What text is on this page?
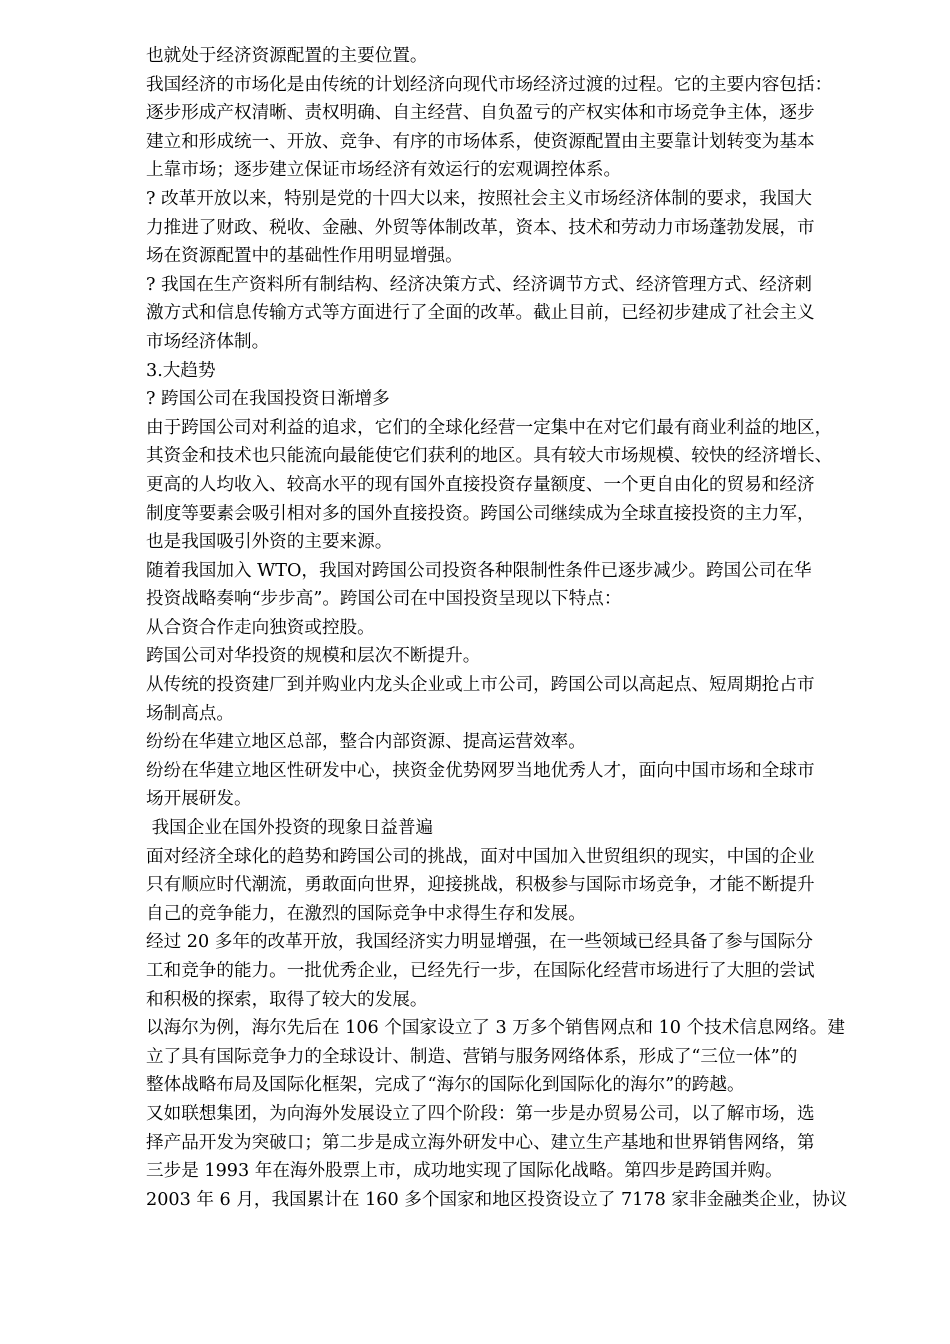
也就处于经济资源配置的主要位置。
我国经济的市场化是由传统的计划经济向现代市场经济过渡的过程。它的主要内容包括：
逐步形成产权清晰、责权明确、自主经营、自负盈亏的产权实体和市场竞争主体，逐步
建立和形成统一、开放、竞争、有序的市场体系，使资源配置由主要靠计划转变为基本
上靠市场；逐步建立保证市场经济有效运行的宏观调控体系。
? 改革开放以来，特别是党的十四大以来，按照社会主义市场经济体制的要求，我国大
力推进了财政、税收、金融、外贸等体制改革，资本、技术和劳动力市场蓬勃发展，市
场在资源配置中的基础性作用明显增强。
? 我国在生产资料所有制结构、经济决策方式、经济调节方式、经济管理方式、经济刺
激方式和信息传输方式等方面进行了全面的改革。截止目前，已经初步建成了社会主义
市场经济体制。
3.大趋势
? 跨国公司在我国投资日渐增多
由于跨国公司对利益的追求，它们的全球化经营一定集中在对它们最有商业利益的地区，
其资金和技术也只能流向最能使它们获利的地区。具有较大市场规模、较快的经济增长、
更高的人均收入、较高水平的现有国外直接投资存量额度、一个更自由化的贸易和经济
制度等要素会吸引相对多的国外直接投资。跨国公司继续成为全球直接投资的主力军，
也是我国吸引外资的主要来源。
随着我国加入 WTO，我国对跨国公司投资各种限制性条件已逐步减少。跨国公司在华
投资战略奏响“步步高”。跨国公司在中国投资呈现以下特点：
从合资合作走向独资或控股。
跨国公司对华投资的规模和层次不断提升。
从传统的投资建厂到并购业内龙头企业或上市公司，跨国公司以高起点、短周期抢占市
场制高点。
纷纷在华建立地区总部，整合内部资源、提高运营效率。
纷纷在华建立地区性研发中心，挟资金优势网罗当地优秀人才，面向中国市场和全球市
场开展研发。
我国企业在国外投资的现象日益普遍
面对经济全球化的趋势和跨国公司的挑战，面对中国加入世贸组织的现实，中国的企业
只有顺应时代潮流，勇敢面向世界，迎接挑战，积极参与国际市场竞争，才能不断提升
自己的竞争能力，在激烈的国际竞争中求得生存和发展。
经过 20 多年的改革开放，我国经济实力明显增强，在一些领域已经具备了参与国际分
工和竞争的能力。一批优秀企业，已经先行一步，在国际化经营市场进行了大胆的尝试
和积极的探索，取得了较大的发展。
以海尔为例，海尔先后在 106 个国家设立了 3 万多个销售网点和 10 个技术信息网络。建
立了具有国际竞争力的全球设计、制造、营销与服务网络体系，形成了“三位一体”的
整体战略布局及国际化框架，完成了“海尔的国际化到国际化的海尔”的跨越。
又如联想集团，为向海外发展设立了四个阶段：第一步是办贸易公司，以了解市场，选
择产品开发为突破口；第二步是成立海外研发中心、建立生产基地和世界销售网络，第
三步是 1993 年在海外股票上市，成功地实现了国际化战略。第四步是跨国并购。
2003 年 6 月，我国累计在 160 多个国家和地区投资设立了 7178 家非金融类企业，协议
